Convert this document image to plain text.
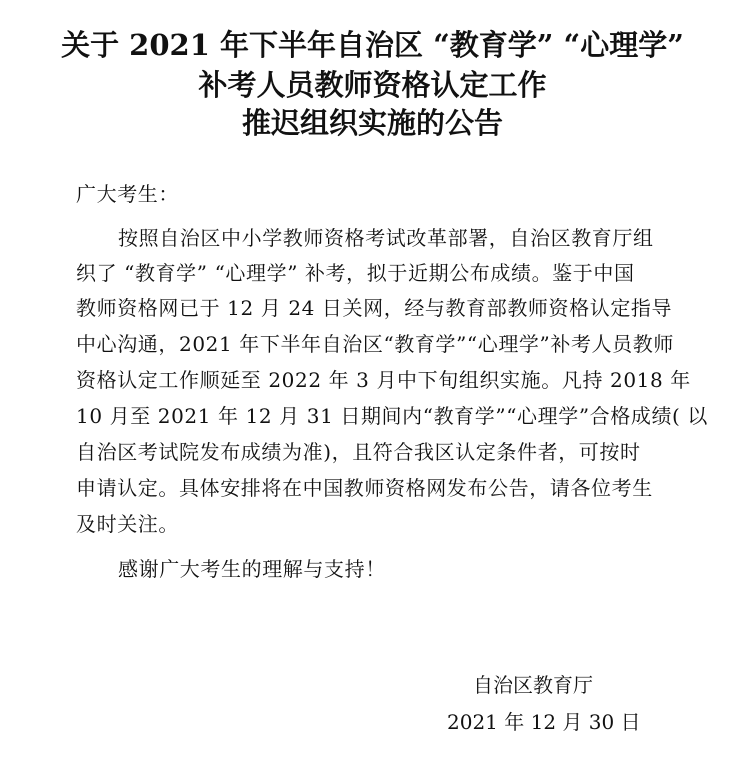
关于 2021 年下半年自治区 “教育学” “心理学”
补考人员教师资格认定工作
推迟组织实施的公告
广大考生：
按照自治区中小学教师资格考试改革部署，自治区教育厅组
织了 “教育学” “心理学” 补考，拟于近期公布成绩。鉴于中国
教师资格网已于 12 月 24 日关网，经与教育部教师资格认定指导
中心沟通，2021 年下半年自治区“教育学”“心理学”补考人员教师
资格认定工作顺延至 2022 年 3 月中下旬组织实施。凡持 2018 年
10 月至 2021 年 12 月 31 日期间内“教育学”“心理学”合格成绩( 以
自治区考试院发布成绩为准)，且符合我区认定条件者，可按时
申请认定。具体安排将在中国教师资格网发布公告，请各位考生
及时关注。
感谢广大考生的理解与支持！
自治区教育厅
2021 年 12 月 30 日
